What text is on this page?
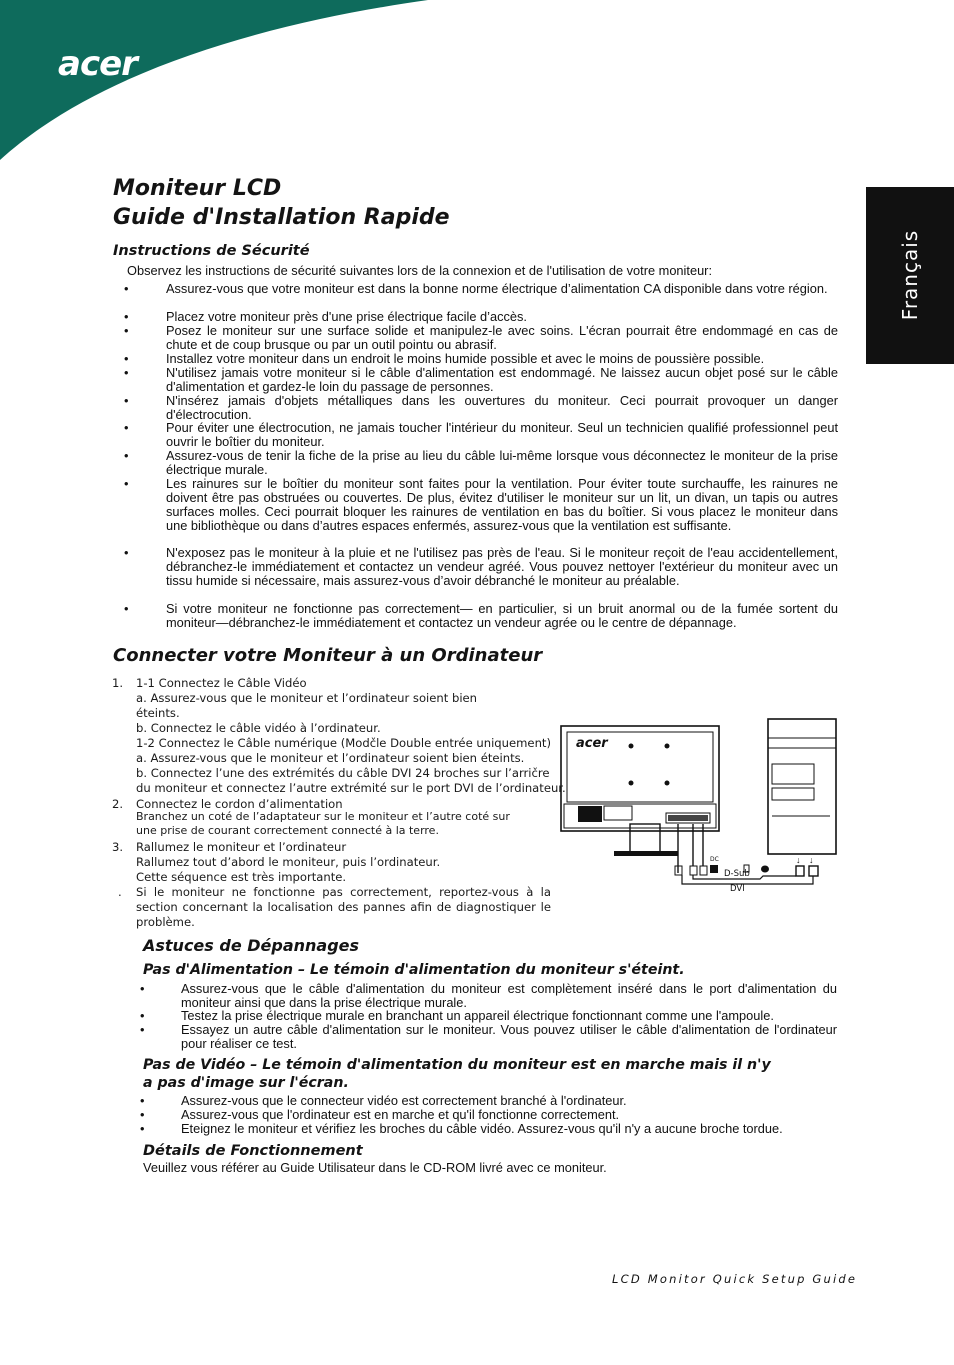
acer
Français
Moniteur LCD
Guide d'Installation Rapide
Instructions de Sécurité
Observez les instructions de sécurité suivantes lors de la connexion et de l'utilisation de votre moniteur:
•	Assurez-vous que votre moniteur est dans la bonne norme électrique d’alimentation CA disponible dans votre région.
•	Placez votre moniteur près d'une prise électrique facile d’accès.
•	Posez le moniteur sur une surface solide et manipulez-le avec soins. L'écran pourrait être endommagé en cas de chute et de coup brusque ou par un outil pointu ou abrasif.
•	Installez votre moniteur dans un endroit le moins humide possible et avec le moins de poussière possible.
•	N'utilisez jamais votre moniteur si le câble d'alimentation est endommagé. Ne laissez aucun objet posé sur le câble d'alimentation et gardez-le loin du passage de personnes.
•	N'insérez jamais d'objets métalliques dans les ouvertures du moniteur. Ceci pourrait provoquer un danger d'électrocution.
•	Pour éviter une électrocution, ne jamais toucher l'intérieur du moniteur. Seul un technicien qualifié professionnel peut ouvrir le boîtier du moniteur.
•	Assurez-vous de tenir la fiche de la prise au lieu du câble lui-même lorsque vous déconnectez le moniteur de la prise électrique murale.
•	Les rainures sur le boîtier du moniteur sont faites pour la ventilation. Pour éviter toute surchauffe, les rainures ne doivent être pas obstruées ou couvertes. De plus, évitez d'utiliser le moniteur sur un lit, un divan, un tapis ou autres surfaces molles. Ceci pourrait bloquer les rainures de ventilation en bas du boîtier. Si vous placez le moniteur dans une bibliothèque ou dans d’autres espaces enfermés, assurez-vous que la ventilation est suffisante.
•	N'exposez pas le moniteur à la pluie et ne l'utilisez pas près de l'eau. Si le moniteur reçoit de l'eau accidentellement, débranchez-le immédiatement et contactez un vendeur agréé. Vous pouvez nettoyer l'extérieur du moniteur avec un tissu humide si nécessaire, mais assurez-vous d’avoir débranché le moniteur au préalable.
•	Si votre moniteur ne fonctionne pas correctement— en particulier, si un bruit anormal ou de la fumée sortent du moniteur—débranchez-le immédiatement et contactez un vendeur agrée ou le centre de dépannage.
Connecter votre Moniteur à un Ordinateur
1. 1-1 Connectez le Câble Vidéo
a. Assurez-vous que le moniteur et l’ordinateur soient bien
éteints.
b. Connectez le câble vidéo à l’ordinateur.
1-2 Connectez le Câble numérique (Modčle Double entrée uniquement)
a. Assurez-vous que le moniteur et l’ordinateur soient bien éteints.
b. Connectez l’une des extrémités du câble DVI 24 broches sur l’arričre
du moniteur et connectez l’autre extrémité sur le port DVI de l’ordinateur.
2. Connectez le cordon d’alimentation
Branchez un coté de l’adaptateur sur le moniteur et l’autre coté sur
une prise de courant correctement connecté à la terre.
3. Rallumez le moniteur et l’ordinateur
Rallumez tout d’abord le moniteur, puis l’ordinateur.
Cette séquence est très importante.
. Si le moniteur ne fonctionne pas correctement, reportez-vous à la section concernant la localisation des pannes afin de diagnostiquer le problème.
acer
↓ ↓
DC
D-Sub
DVI
Astuces de Dépannages
Pas d'Alimentation – Le témoin d'alimentation du moniteur s'éteint.
•	Assurez-vous que le câble d'alimentation du moniteur est complètement inséré dans le port d'alimentation du moniteur ainsi que dans la prise électrique murale.
•	Testez la prise électrique murale en branchant un appareil électrique fonctionnant comme une l'ampoule.
•	Essayez un autre câble d'alimentation sur le moniteur. Vous pouvez utiliser le câble d'alimentation de l'ordinateur pour réaliser ce test.
Pas de Vidéo – Le témoin d'alimentation du moniteur est en marche mais il n'y
a pas d'image sur l'écran.
•	Assurez-vous que le connecteur vidéo est correctement branché à l'ordinateur.
•	Assurez-vous que l'ordinateur est en marche et qu'il fonctionne correctement.
•	Eteignez le moniteur et vérifiez les broches du câble vidéo. Assurez-vous qu'il n'y a aucune broche tordue.
Détails de Fonctionnement
Veuillez vous référer au Guide Utilisateur dans le CD-ROM livré avec ce moniteur.
LCD Monitor Quick Setup Guide
